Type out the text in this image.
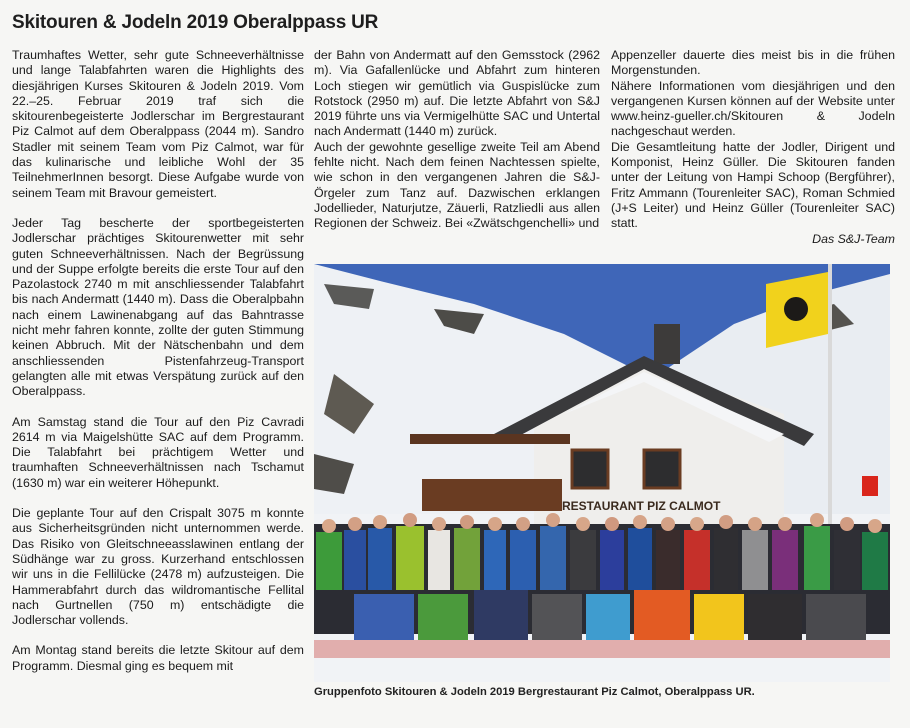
Skitouren & Jodeln 2019 Oberalppass UR

Traumhaftes Wetter, sehr gute Schneeverhältnisse und lange Talabfahrten waren die Highlights des diesjährigen Kurses Skitouren & Jodeln 2019. Vom 22.–25. Februar 2019 traf sich die skitourenbegeisterte Jodlerschar im Bergrestaurant Piz Calmot auf dem Oberalppass (2044 m). Sandro Stadler mit seinem Team vom Piz Calmot, war für das kulinarische und leibliche Wohl der 35 TeilnehmerInnen besorgt. Diese Aufgabe wurde von seinem Team mit Bravour gemeistert.

Jeder Tag bescherte der sportbegeisterten Jodlerschar prächtiges Skitourenwetter mit sehr guten Schneeverhältnissen. Nach der Begrüssung und der Suppe erfolgte bereits die erste Tour auf den Pazolastock 2740 m mit anschliessender Talabfahrt bis nach Andermatt (1440 m). Dass die Oberalpbahn nach einem Lawinenabgang auf das Bahntrasse nicht mehr fahren konnte, zollte der guten Stimmung keinen Abbruch. Mit der Nätschenbahn und dem anschliessenden Pistenfahrzeug-Transport gelangten alle mit etwas Verspätung zurück auf den Oberalppass.

Am Samstag stand die Tour auf den Piz Cavradi 2614 m via Maigelshütte SAC auf dem Programm. Die Talabfahrt bei prächtigem Wetter und traumhaften Schneeverhältnissen nach Tschamut (1630 m) war ein weiterer Höhepunkt.

Die geplante Tour auf den Crispalt 3075 m konnte aus Sicherheitsgründen nicht unternommen werde. Das Risiko von Gleitschneeasslawinen entlang der Südhänge war zu gross. Kurzerhand entschlossen wir uns in die Fellilücke (2478 m) aufzusteigen. Die Hammerabfahrt durch das wildromantische Fellital nach Gurtnellen (750 m) entschädigte die Jodlerschar vollends.

Am Montag stand bereits die letzte Skitour auf dem Programm. Diesmal ging es bequem mit

der Bahn von Andermatt auf den Gemsstock (2962 m). Via Gafallenlücke und Abfahrt zum hinteren Loch stiegen wir gemütlich via Guspislücke zum Rotstock (2950 m) auf. Die letzte Abfahrt von S&J 2019 führte uns via Vermigelhütte SAC und Untertal nach Andermatt (1440 m) zurück.

Auch der gewohnte gesellige zweite Teil am Abend fehlte nicht. Nach dem feinen Nachtessen spielte, wie schon in den vergangenen Jahren die S&J-Örgeler zum Tanz auf. Dazwischen erklangen Jodellieder, Naturjutze, Zäuerli, Ratzliedli aus allen Regionen der Schweiz. Bei «Zwätschgenchelli» und

Appenzeller dauerte dies meist bis in die frühen Morgenstunden.

Nähere Informationen vom diesjährigen und den vergangenen Kursen können auf der Website unter www.heinz-gueller.ch/Skitouren & Jodeln nachgeschaut werden.

Die Gesamtleitung hatte der Jodler, Dirigent und Komponist, Heinz Güller. Die Skitouren fanden unter der Leitung von Hampi Schoop (Bergführer), Fritz Ammann (Tourenleiter SAC), Roman Schmied (J+S Leiter) und Heinz Güller (Tourenleiter SAC) statt.

Das S&J-Team

RESTAURANT PIZ CALMOT
Gruppenfoto Skitouren & Jodeln 2019 Bergrestaurant Piz Calmot, Oberalppass UR.
